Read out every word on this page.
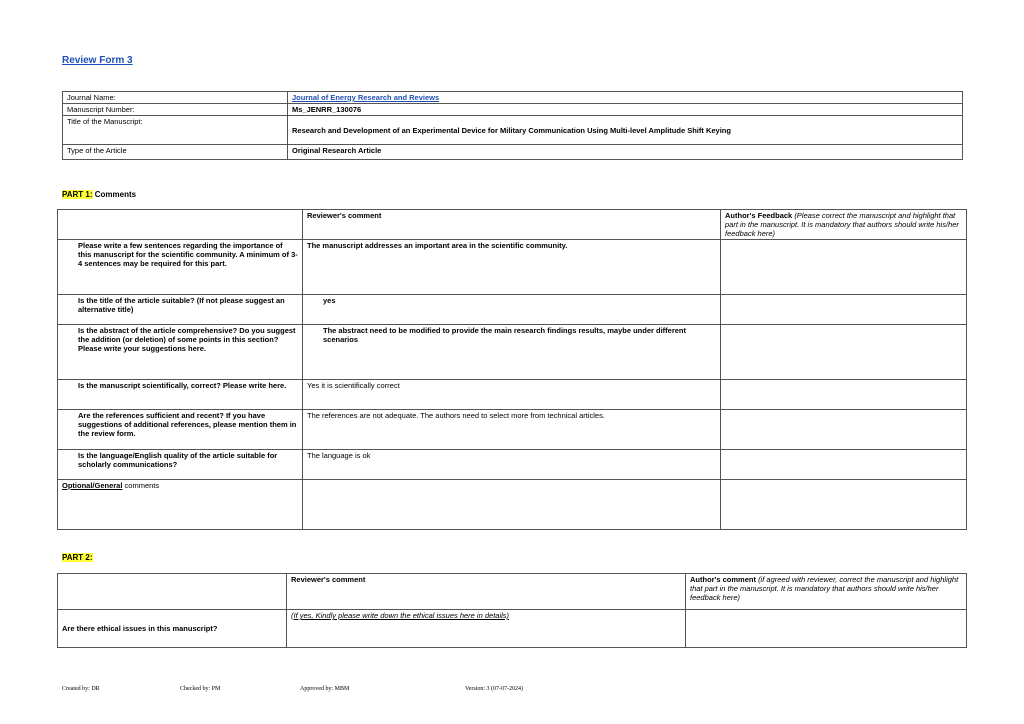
Review Form 3
Journal Name:	Journal of Energy Research and Reviews
Manuscript Number:	Ms_JENRR_130076
Title of the Manuscript:	Research and Development of an Experimental Device for Military Communication Using Multi-level Amplitude Shift Keying
Type of the Article	Original Research Article
PART 1: Comments
	Reviewer's comment	Author's Feedback (Please correct the manuscript and highlight that part in the manuscript. It is mandatory that authors should write his/her feedback here)
Please write a few sentences regarding the importance of this manuscript for the scientific community. A minimum of 3-4 sentences may be required for this part.	The manuscript addresses an important area in the scientific community.	
Is the title of the article suitable? (If not please suggest an alternative title)	yes	
Is the abstract of the article comprehensive? Do you suggest the addition (or deletion) of some points in this section? Please write your suggestions here.	The abstract need to be modified to provide the main research findings results, maybe under different scenarios	
Is the manuscript scientifically, correct? Please write here.	Yes it is scientifically correct	
Are the references sufficient and recent? If you have suggestions of additional references, please mention them in the review form.	The references are not adequate. The authors need to select more from technical articles.	
Is the language/English quality of the article suitable for scholarly communications?	The language is ok	
Optional/General comments		
PART 2:
	Reviewer's comment	Author's comment (if agreed with reviewer, correct the manuscript and highlight that part in the manuscript. It is mandatory that authors should write his/her feedback here)
Are there ethical issues in this manuscript?	(If yes, Kindly please write down the ethical issues here in details)	
Created by: DR	Checked by: PM	Approved by: MBM	Version: 3 (07-07-2024)
